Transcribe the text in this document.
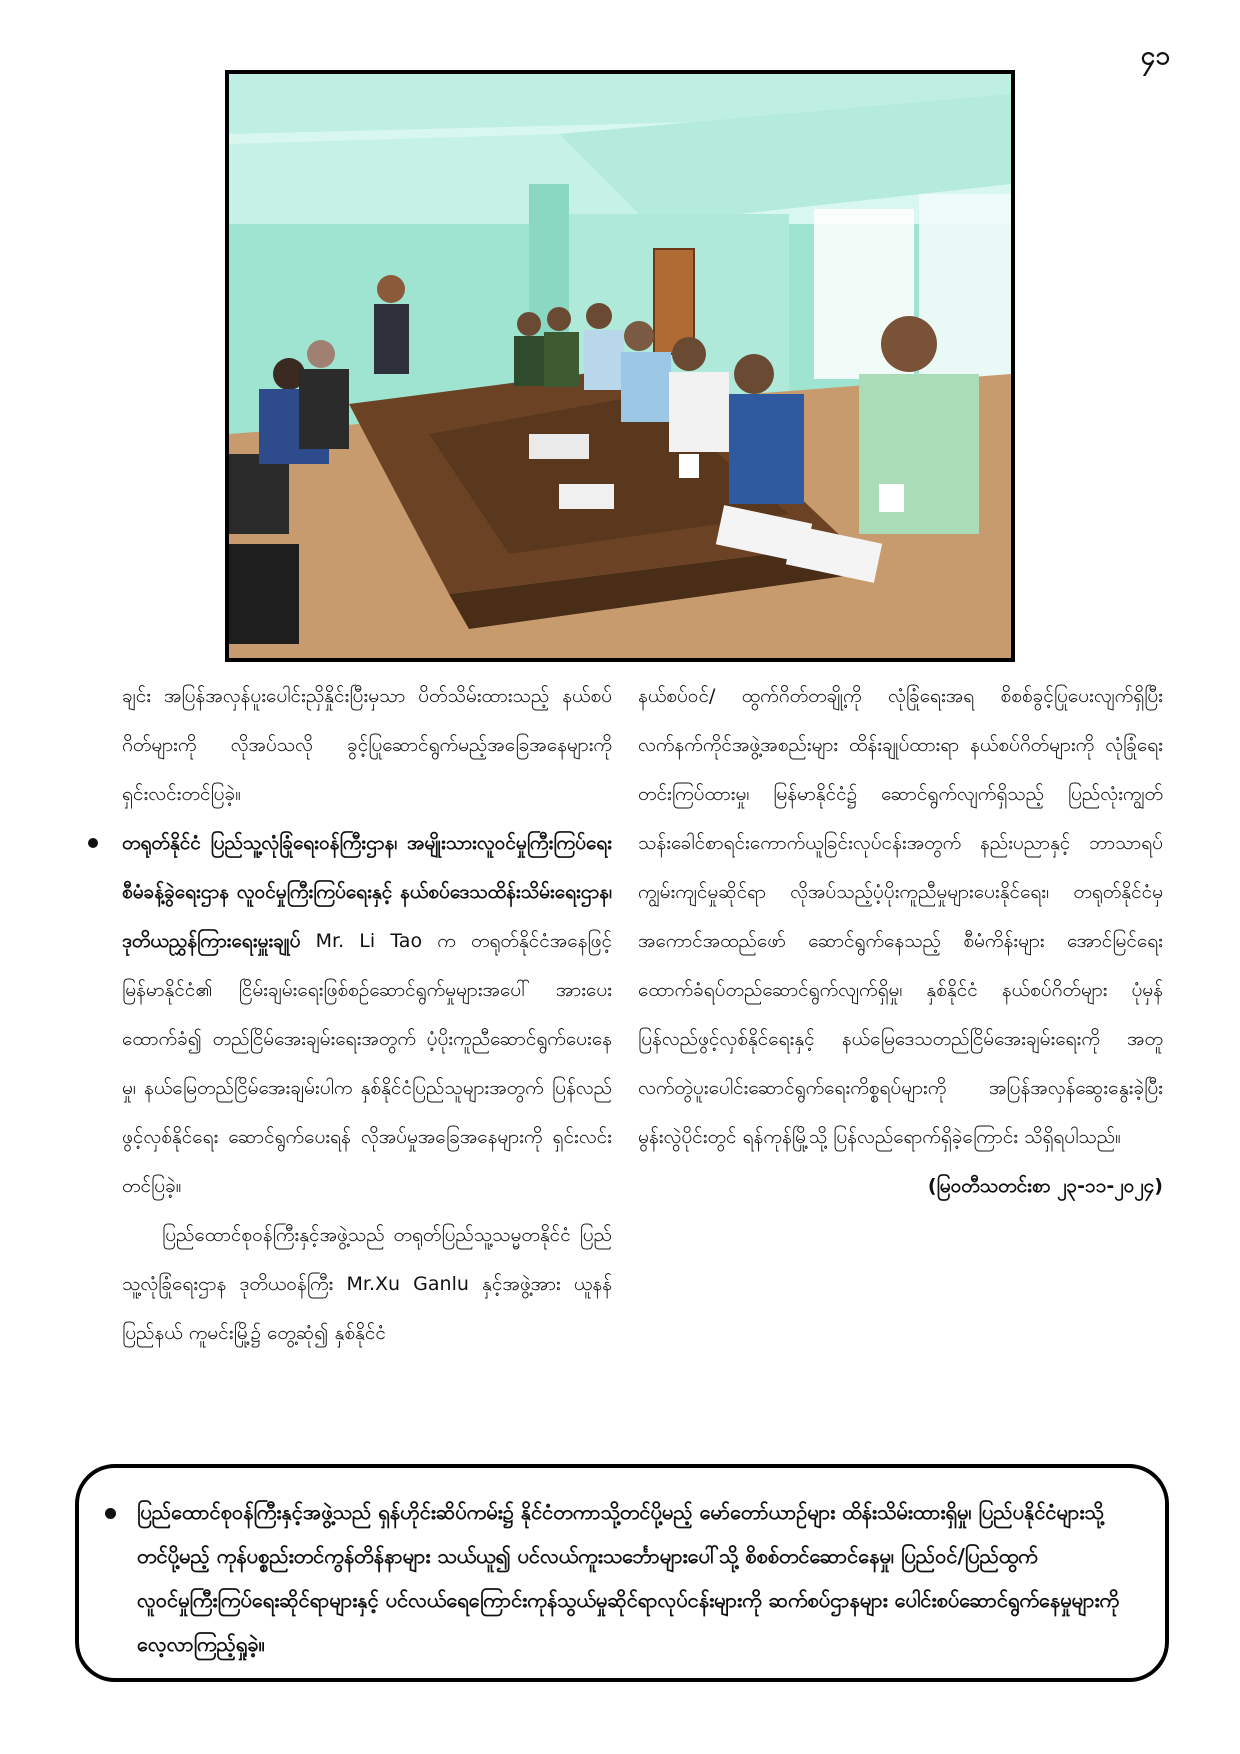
၄၁

ချင်း အပြန်အလှန်ပူးပေါင်းညှိနှိုင်းပြီးမှသာ ပိတ်သိမ်းထားသည့် နယ်စပ်ဂိတ်များကို လိုအပ်သလို ခွင့်ပြုဆောင်ရွက်မည့်အခြေအနေများကို ရှင်းလင်းတင်ပြခဲ့။

တရုတ်နိုင်ငံ ပြည်သူ့လုံခြုံရေးဝန်ကြီးဌာန၊ အမျိုးသားလူဝင်မှုကြီးကြပ်ရေးစီမံခန့်ခွဲရေးဌာန လူဝင်မှုကြီးကြပ်ရေးနှင့် နယ်စပ်ဒေသထိန်းသိမ်းရေးဌာန၊ ဒုတိယညွှန်ကြားရေးမှူးချုပ် Mr. Li Tao က တရုတ်နိုင်ငံအနေဖြင့် မြန်မာနိုင်ငံ၏ ငြိမ်းချမ်းရေးဖြစ်စဉ်ဆောင်ရွက်မှုများအပေါ် အားပေးထောက်ခံ၍ တည်ငြိမ်အေးချမ်းရေးအတွက် ပံ့ပိုးကူညီဆောင်ရွက်ပေးနေမှု၊ နယ်မြေတည်ငြိမ်အေးချမ်းပါက နှစ်နိုင်ငံပြည်သူများအတွက် ပြန်လည်ဖွင့်လှစ်နိုင်ရေး ဆောင်ရွက်ပေးရန် လိုအပ်မှုအခြေအနေများကို ရှင်းလင်းတင်ပြခဲ့။

ပြည်ထောင်စုဝန်ကြီးနှင့်အဖွဲ့သည် တရုတ်ပြည်သူ့သမ္မတနိုင်ငံ ပြည်သူ့လုံခြုံရေးဌာန ဒုတိယဝန်ကြီး Mr.Xu Ganlu နှင့်အဖွဲ့အား ယူနန်ပြည်နယ် ကူမင်းမြို့၌ တွေ့ဆုံ၍ နှစ်နိုင်ငံ

နယ်စပ်ဝင်/ ထွက်ဂိတ်တချို့ကို လုံခြုံရေးအရ စိစစ်ခွင့်ပြုပေးလျက်ရှိပြီး လက်နက်ကိုင်အဖွဲ့အစည်းများ ထိန်းချုပ်ထားရာ နယ်စပ်ဂိတ်များကို လုံခြုံရေးတင်းကြပ်ထားမှု၊ မြန်မာနိုင်ငံ၌ ဆောင်ရွက်လျက်ရှိသည့် ပြည်လုံးကျွတ်သန်းခေါင်စာရင်းကောက်ယူခြင်းလုပ်ငန်းအတွက် နည်းပညာနှင့် ဘာသာရပ်ကျွမ်းကျင်မှုဆိုင်ရာ လိုအပ်သည့်ပံ့ပိုးကူညီမှုများပေးနိုင်ရေး၊ တရုတ်နိုင်ငံမှ အကောင်အထည်ဖော် ဆောင်ရွက်နေသည့် စီမံကိန်းများ အောင်မြင်ရေးထောက်ခံရပ်တည်ဆောင်ရွက်လျက်ရှိမှု၊ နှစ်နိုင်ငံ နယ်စပ်ဂိတ်များ ပုံမှန်ပြန်လည်ဖွင့်လှစ်နိုင်ရေးနှင့် နယ်မြေဒေသတည်ငြိမ်အေးချမ်းရေးကို အတူလက်တွဲပူးပေါင်းဆောင်ရွက်ရေးကိစ္စရပ်များကို အပြန်အလှန်ဆွေးနွေးခဲ့ပြီး မွန်းလွဲပိုင်းတွင် ရန်ကုန်မြို့သို့ ပြန်လည်ရောက်ရှိခဲ့ကြောင်း သိရှိရပါသည်။

(မြဝတီသတင်းစာ ၂၃-၁၁-၂၀၂၄)

ပြည်ထောင်စုဝန်ကြီးနှင့်အဖွဲ့သည် ရှန်ဟိုင်းဆိပ်ကမ်း၌ နိုင်ငံတကာသို့တင်ပို့မည့် မော်တော်ယာဉ်များ ထိန်းသိမ်းထားရှိမှု၊ ပြည်ပနိုင်ငံများသို့ တင်ပို့မည့် ကုန်ပစ္စည်းတင်ကွန်တိန်နာများ သယ်ယူ၍ ပင်လယ်ကူးသင်္ဘောများပေါ်သို့ စိစစ်တင်ဆောင်နေမှု၊ ပြည်ဝင်/ပြည်ထွက် လူဝင်မှုကြီးကြပ်ရေးဆိုင်ရာများနှင့် ပင်လယ်ရေကြောင်းကုန်သွယ်မှုဆိုင်ရာလုပ်ငန်းများကို ဆက်စပ်ဌာနများ ပေါင်းစပ်ဆောင်ရွက်နေမှုများကို လေ့လာကြည့်ရှုခဲ့။
